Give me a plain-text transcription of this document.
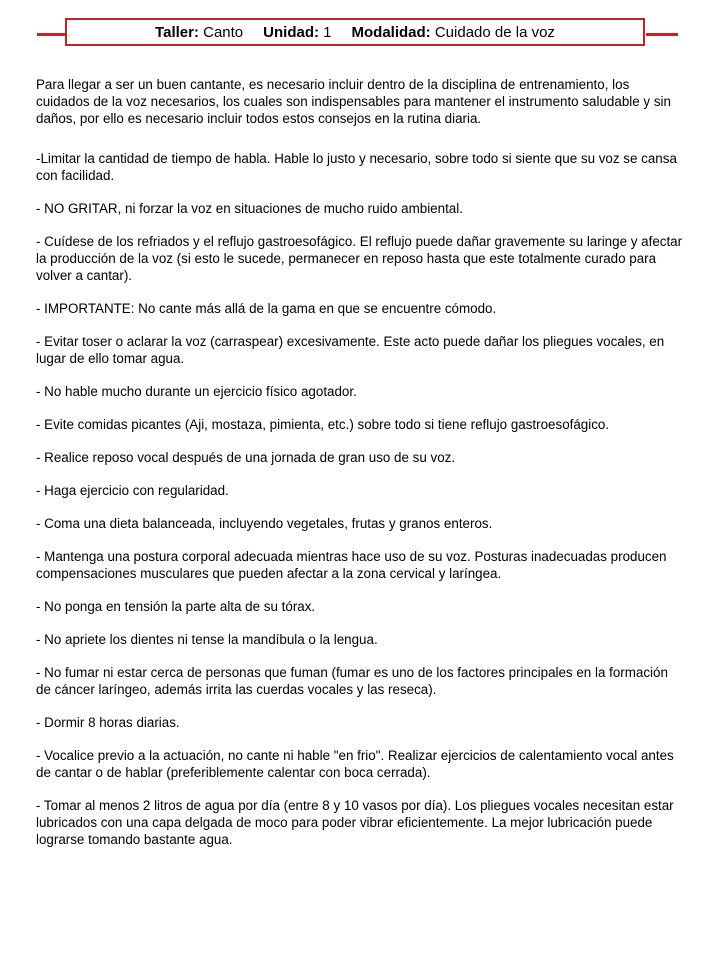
Taller: Canto Unidad: 1 Modalidad: Cuidado de la voz

Para llegar a ser un buen cantante, es necesario incluir dentro de la disciplina de entrenamiento, los cuidados de la voz necesarios, los cuales son indispensables para mantener el instrumento saludable y sin daños, por ello es necesario incluir todos estos consejos en la rutina diaria.

-Limitar la cantidad de tiempo de habla. Hable lo justo y necesario, sobre todo si siente que su voz se cansa con facilidad.

- NO GRITAR, ni forzar la voz en situaciones de mucho ruido ambiental.

- Cuídese de los refriados y el reflujo gastroesofágico. El reflujo puede dañar gravemente su laringe y afectar la producción de la voz (si esto le sucede, permanecer en reposo hasta que este totalmente curado para volver a cantar).

- IMPORTANTE: No cante más allá de la gama en que se encuentre cómodo.

- Evitar toser o aclarar la voz (carraspear) excesivamente. Este acto puede dañar los pliegues vocales, en lugar de ello tomar agua.

- No hable mucho durante un ejercicio físico agotador.

- Evite comidas picantes (Aji, mostaza, pimienta, etc.) sobre todo si tiene reflujo gastroesofágico.

- Realice reposo vocal después de una jornada de gran uso de su voz.

- Haga ejercicio con regularidad.

- Coma una dieta balanceada, incluyendo vegetales, frutas y granos enteros.

- Mantenga una postura corporal adecuada mientras hace uso de su voz. Posturas inadecuadas producen compensaciones musculares que pueden afectar a la zona cervical y laríngea.

- No ponga en tensión la parte alta de su tórax.

- No apriete los dientes ni tense la mandíbula o la lengua.

- No fumar ni estar cerca de personas que fuman (fumar es uno de los factores principales en la formación de cáncer laríngeo, además irrita las cuerdas vocales y las reseca).

- Dormir 8 horas diarias.

- Vocalice previo a la actuación, no cante ni hable "en frio". Realizar ejercicios de calentamiento vocal antes de cantar o de hablar (preferiblemente calentar con boca cerrada).

- Tomar al menos 2 litros de agua por día (entre 8 y 10 vasos por día). Los pliegues vocales necesitan estar lubricados con una capa delgada de moco para poder vibrar eficientemente. La mejor lubricación puede lograrse tomando bastante agua.
